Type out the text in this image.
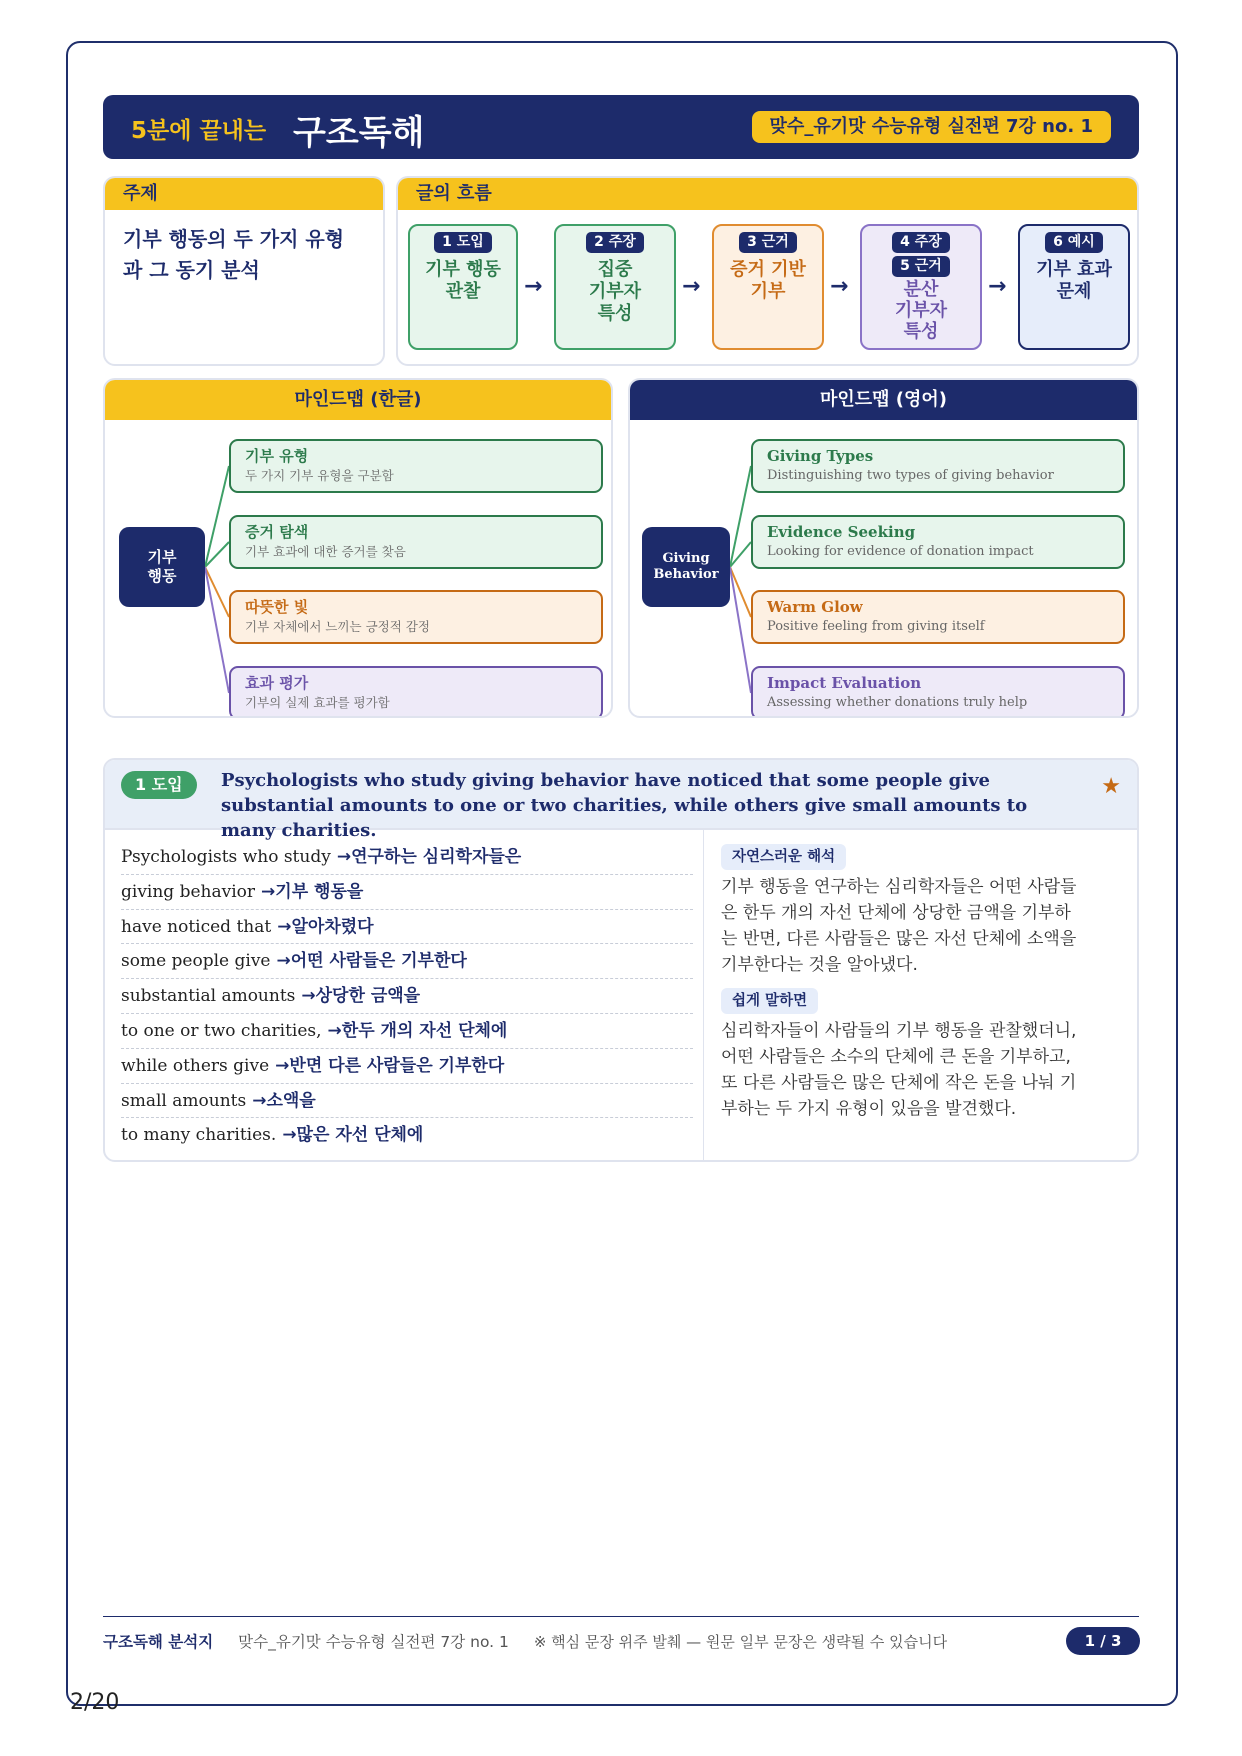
5분에 끝내는 구조독해	맞수_유기맛 수능유형 실전편 7강 no. 1
주제
기부 행동의 두 가지 유형
과 그 동기 분석
글의 흐름
1 도입
기부 행동
관찰	→
2 주장
집중
기부자
특성
→
3 근거
증거 기반
기부	→
4 주장
5 근거
분산
기부자
특성
→
6 예시
기부 효과
문제
마인드맵 (한글)
기부
행동
기부 유형
두 가지 기부 유형을 구분함
증거 탐색
기부 효과에 대한 증거를 찾음
따뜻한 빛
기부 자체에서 느끼는 긍정적 감정
효과 평가
기부의 실제 효과를 평가함
마인드맵 (영어)
Giving
Behavior
Giving Types
Distinguishing two types of giving behavior
Evidence Seeking
Looking for evidence of donation impact
Warm Glow
Positive feeling from giving itself
Impact Evaluation
Assessing whether donations truly help
1 도입	Psychologists who study giving behavior have noticed that some people give substantial amounts to one or two charities, while others give small amounts to many charities.
★
Psychologists who study →연구하는 심리학자들은
giving behavior →기부 행동을
have noticed that →알아차렸다
some people give →어떤 사람들은 기부한다
substantial amounts →상당한 금액을
to one or two charities, →한두 개의 자선 단체에
while others give →반면 다른 사람들은 기부한다
small amounts →소액을
to many charities. →많은 자선 단체에
자연스러운 해석
기부 행동을 연구하는 심리학자들은 어떤 사람들
은 한두 개의 자선 단체에 상당한 금액을 기부하
는 반면, 다른 사람들은 많은 자선 단체에 소액을
기부한다는 것을 알아냈다.
쉽게 말하면
심리학자들이 사람들의 기부 행동을 관찰했더니,
어떤 사람들은 소수의 단체에 큰 돈을 기부하고,
또 다른 사람들은 많은 단체에 작은 돈을 나눠 기
부하는 두 가지 유형이 있음을 발견했다.
구조독해 분석지 맞수_유기맛 수능유형 실전편 7강 no. 1 ※ 핵심 문장 위주 발췌 — 원문 일부 문장은 생략될 수 있습니다	1 / 3
2/20
